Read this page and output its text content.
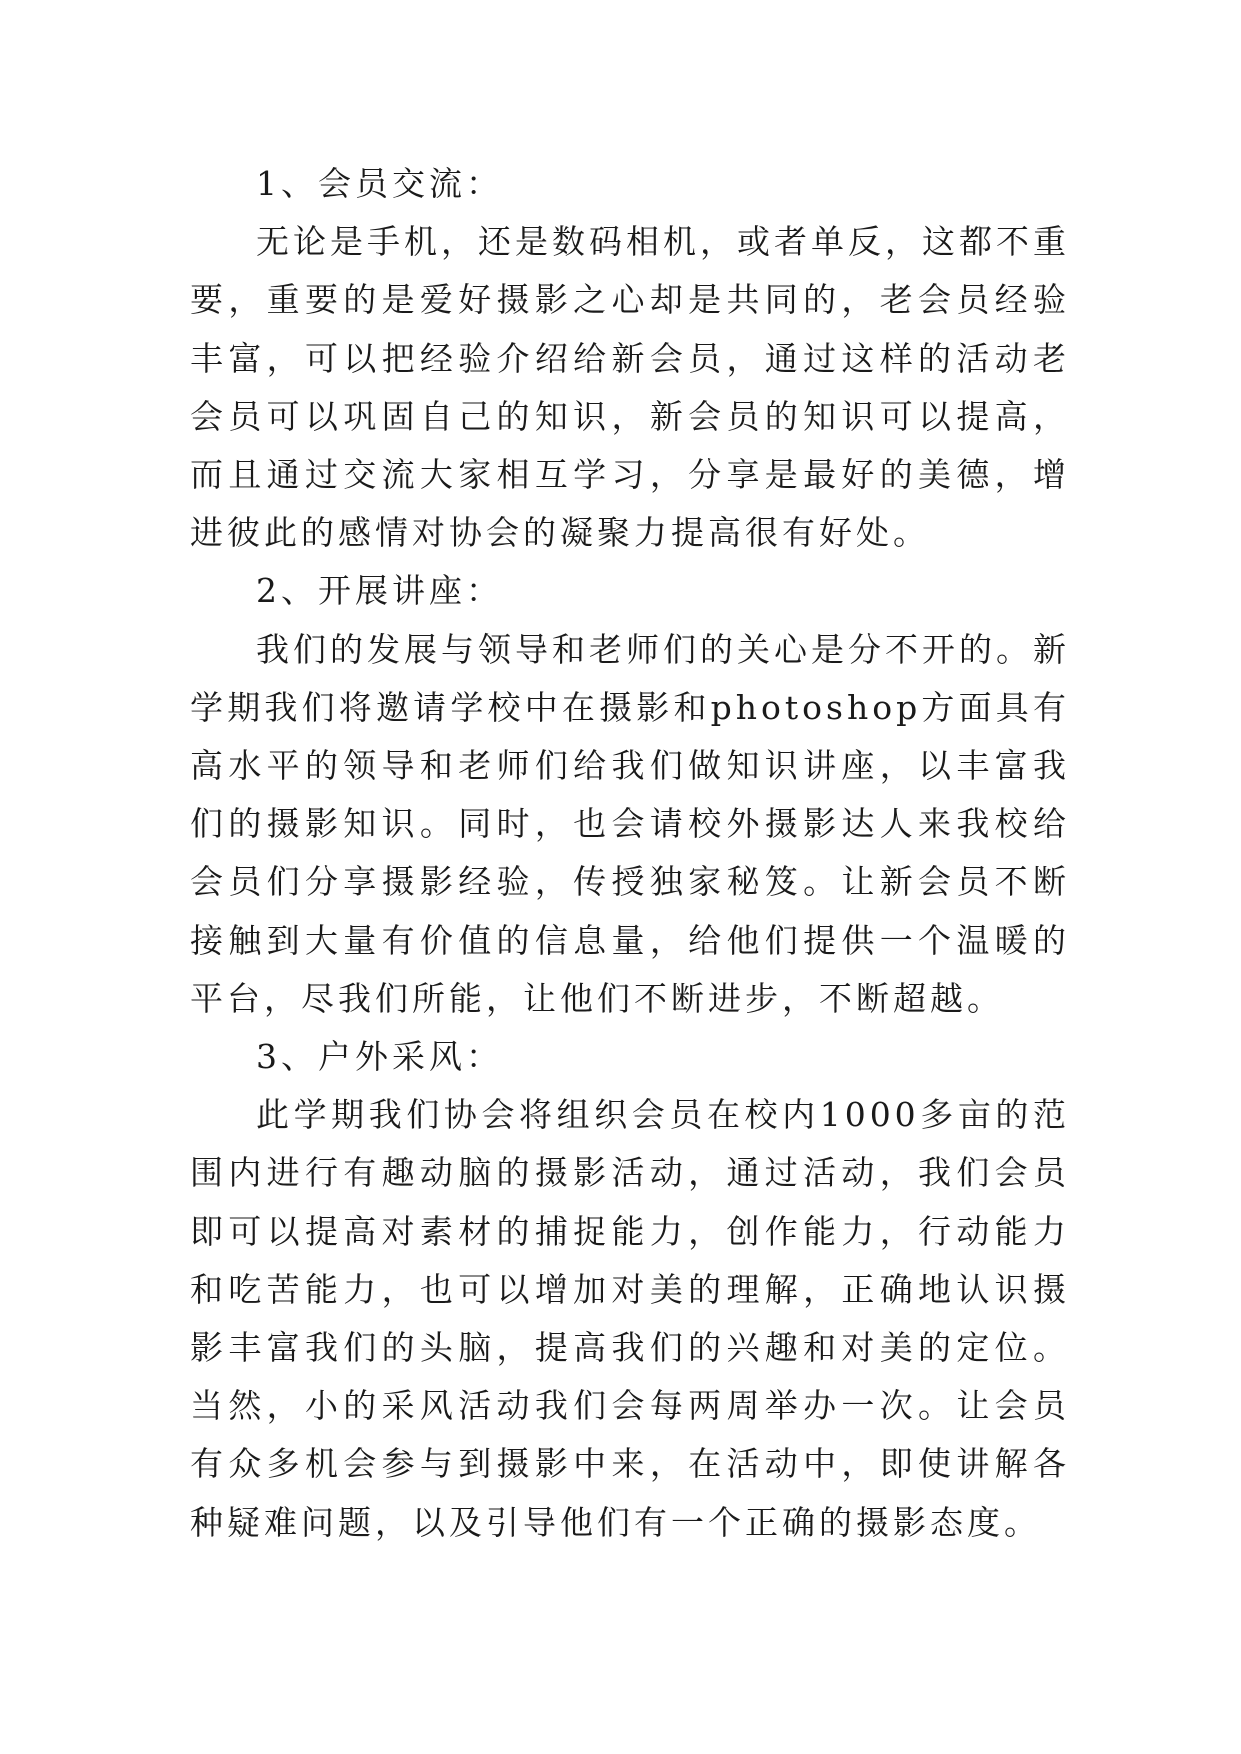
1、会员交流：

无论是手机，还是数码相机，或者单反，这都不重要，重要的是爱好摄影之心却是共同的，老会员经验丰富，可以把经验介绍给新会员，通过这样的活动老会员可以巩固自己的知识，新会员的知识可以提高，而且通过交流大家相互学习，分享是最好的美德，增进彼此的感情对协会的凝聚力提高很有好处。

2、开展讲座：

我们的发展与领导和老师们的关心是分不开的。新学期我们将邀请学校中在摄影和photoshop方面具有高水平的领导和老师们给我们做知识讲座，以丰富我们的摄影知识。同时，也会请校外摄影达人来我校给会员们分享摄影经验，传授独家秘笈。让新会员不断接触到大量有价值的信息量，给他们提供一个温暖的平台，尽我们所能，让他们不断进步，不断超越。

3、户外采风：

此学期我们协会将组织会员在校内1000多亩的范围内进行有趣动脑的摄影活动，通过活动，我们会员即可以提高对素材的捕捉能力，创作能力，行动能力和吃苦能力，也可以增加对美的理解，正确地认识摄影丰富我们的头脑，提高我们的兴趣和对美的定位。当然，小的采风活动我们会每两周举办一次。让会员有众多机会参与到摄影中来，在活动中，即使讲解各种疑难问题，以及引导他们有一个正确的摄影态度。
